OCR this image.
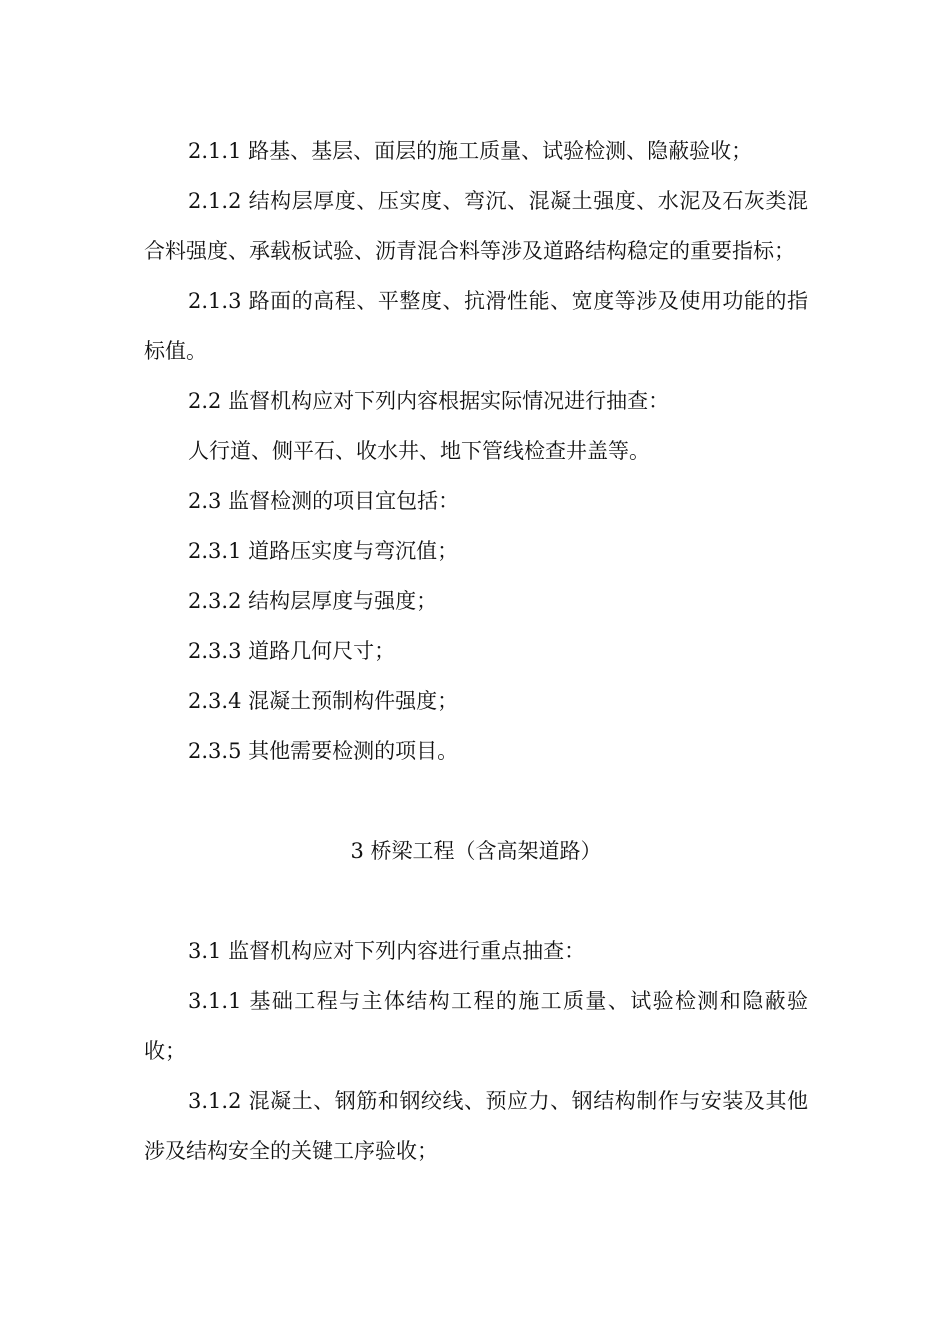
2.1.1 路基、基层、面层的施工质量、试验检测、隐蔽验收；

2.1.2 结构层厚度、压实度、弯沉、混凝土强度、水泥及石灰类混合料强度、承载板试验、沥青混合料等涉及道路结构稳定的重要指标；

2.1.3 路面的高程、平整度、抗滑性能、宽度等涉及使用功能的指标值。

2.2 监督机构应对下列内容根据实际情况进行抽查：

人行道、侧平石、收水井、地下管线检查井盖等。

2.3 监督检测的项目宜包括：

2.3.1 道路压实度与弯沉值；

2.3.2 结构层厚度与强度；

2.3.3 道路几何尺寸；

2.3.4 混凝土预制构件强度；

2.3.5 其他需要检测的项目。

3 桥梁工程（含高架道路）

3.1 监督机构应对下列内容进行重点抽查：

3.1.1 基础工程与主体结构工程的施工质量、试验检测和隐蔽验收；

3.1.2 混凝土、钢筋和钢绞线、预应力、钢结构制作与安装及其他涉及结构安全的关键工序验收；
